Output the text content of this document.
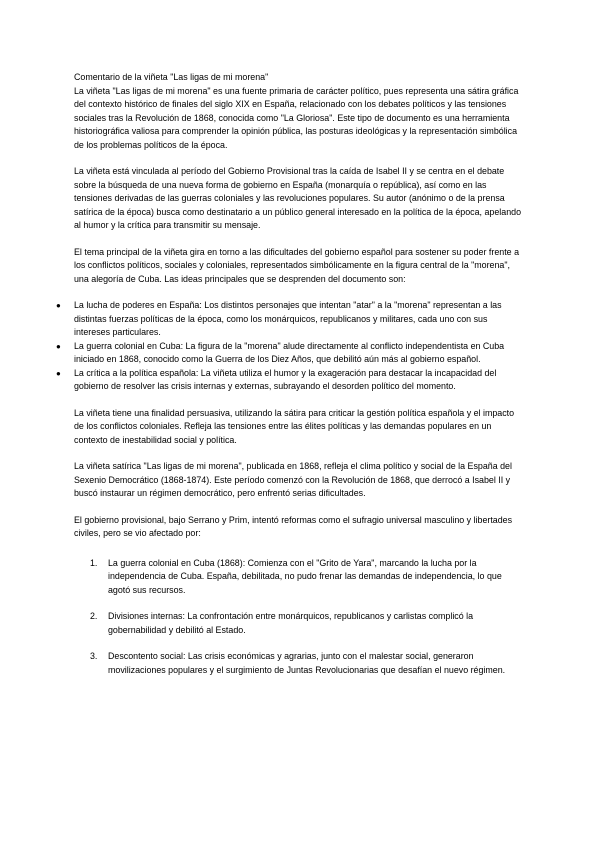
Comentario de la viñeta "Las ligas de mi morena"

La viñeta "Las ligas de mi morena" es una fuente primaria de carácter político, pues representa una sátira gráfica del contexto histórico de finales del siglo XIX en España, relacionado con los debates políticos y las tensiones sociales tras la Revolución de 1868, conocida como "La Gloriosa". Este tipo de documento es una herramienta historiográfica valiosa para comprender la opinión pública, las posturas ideológicas y la representación simbólica de los problemas políticos de la época.

La viñeta está vinculada al período del Gobierno Provisional tras la caída de Isabel II y se centra en el debate sobre la búsqueda de una nueva forma de gobierno en España (monarquía o república), así como en las tensiones derivadas de las guerras coloniales y las revoluciones populares. Su autor (anónimo o de la prensa satírica de la época) busca como destinatario a un público general interesado en la política de la época, apelando al humor y la crítica para transmitir su mensaje.

El tema principal de la viñeta gira en torno a las dificultades del gobierno español para sostener su poder frente a los conflictos políticos, sociales y coloniales, representados simbólicamente en la figura central de la "morena", una alegoría de Cuba. Las ideas principales que se desprenden del documento son:

● La lucha de poderes en España: Los distintos personajes que intentan "atar" a la "morena" representan a las distintas fuerzas políticas de la época, como los monárquicos, republicanos y militares, cada uno con sus intereses particulares.
● La guerra colonial en Cuba: La figura de la "morena" alude directamente al conflicto independentista en Cuba iniciado en 1868, conocido como la Guerra de los Diez Años, que debilitó aún más al gobierno español.
● La crítica a la política española: La viñeta utiliza el humor y la exageración para destacar la incapacidad del gobierno de resolver las crisis internas y externas, subrayando el desorden político del momento.

La viñeta tiene una finalidad persuasiva, utilizando la sátira para criticar la gestión política española y el impacto de los conflictos coloniales. Refleja las tensiones entre las élites políticas y las demandas populares en un contexto de inestabilidad social y política.

La viñeta satírica "Las ligas de mi morena", publicada en 1868, refleja el clima político y social de la España del Sexenio Democrático (1868-1874). Este período comenzó con la Revolución de 1868, que derrocó a Isabel II y buscó instaurar un régimen democrático, pero enfrentó serias dificultades.

El gobierno provisional, bajo Serrano y Prim, intentó reformas como el sufragio universal masculino y libertades civiles, pero se vio afectado por:

1. La guerra colonial en Cuba (1868): Comienza con el "Grito de Yara", marcando la lucha por la independencia de Cuba. España, debilitada, no pudo frenar las demandas de independencia, lo que agotó sus recursos.
2. Divisiones internas: La confrontación entre monárquicos, republicanos y carlistas complicó la gobernabilidad y debilitó al Estado.
3. Descontento social: Las crisis económicas y agrarias, junto con el malestar social, generaron movilizaciones populares y el surgimiento de Juntas Revolucionarias que desafían el nuevo régimen.
